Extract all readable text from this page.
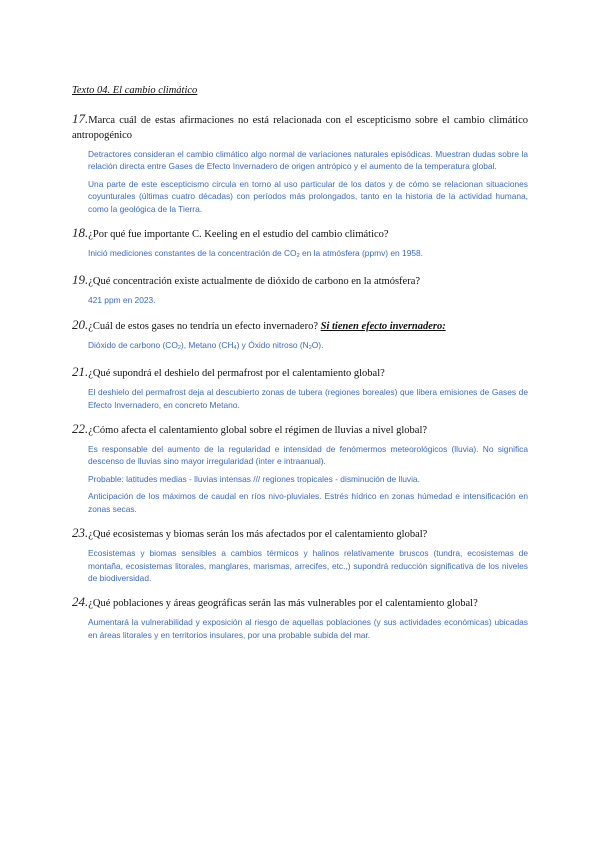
Texto 04. El cambio climático
17.Marca cuál de estas afirmaciones no está relacionada con el escepticismo sobre el cambio climático antropogénico

Detractores consideran el cambio climático algo normal de variaciones naturales episódicas. Muestran dudas sobre la relación directa entre Gases de Efecto Invernadero de origen antrópico y el aumento de la temperatura global.

Una parte de este escepticismo circula en torno al uso particular de los datos y de cómo se relacionan situaciones coyunturales (últimas cuatro décadas) con períodos más prolongados, tanto en la historia de la actividad humana, como la geológica de la Tierra.

18.¿Por qué fue importante C. Keeling en el estudio del cambio climático?

Inició mediciones constantes de la concentración de $CO_2$ en la atmósfera (ppmv) en 1958.

19.¿Qué concentración existe actualmente de dióxido de carbono en la atmósfera?

421 ppm en 2023.

20.¿Cuál de estos gases no tendría un efecto invernadero? Si tienen efecto invernadero:

Dióxido de carbono $(CO_2)$, Metano $(CH_4)$ y Óxido nitroso $(N_2O)$.

21.¿Qué supondrá el deshielo del permafrost por el calentamiento global?

El deshielo del permafrost deja al descubierto zonas de tubera (regiones boreales) que libera emisiones de Gases de Efecto Invernadero, en concreto Metano.

22.¿Cómo afecta el calentamiento global sobre el régimen de lluvias a nivel global?

Es responsable del aumento de la regularidad e intensidad de fenómermos meteorológicos (lluvia). No significa descenso de lluvias sino mayor irregularidad (inter e intraanual).

Probable: latitudes medias - lluvias intensas /// regiones tropicales - disminución de lluvia.

Anticipación de los máximos de caudal en ríos nivo-pluviales. Estrés hídrico en zonas húmedad e intensificación en zonas secas.

23.¿Qué ecosistemas y biomas serán los más afectados por el calentamiento global?

Ecosistemas y biomas sensibles a cambios térmicos y halinos relativamente bruscos (tundra, ecosistemas de montaña, ecosistemas litorales, manglares, marismas, arrecifes, etc.,) supondrá reducción significativa de los niveles de biodiversidad.

24.¿Qué poblaciones y áreas geográficas serán las más vulnerables por el calentamiento global?

Aumentará la vulnerabilidad y exposición al riesgo de aquellas poblaciones (y sus actividades económicas) ubicadas en áreas litorales y en territorios insulares, por una probable subida del mar.
